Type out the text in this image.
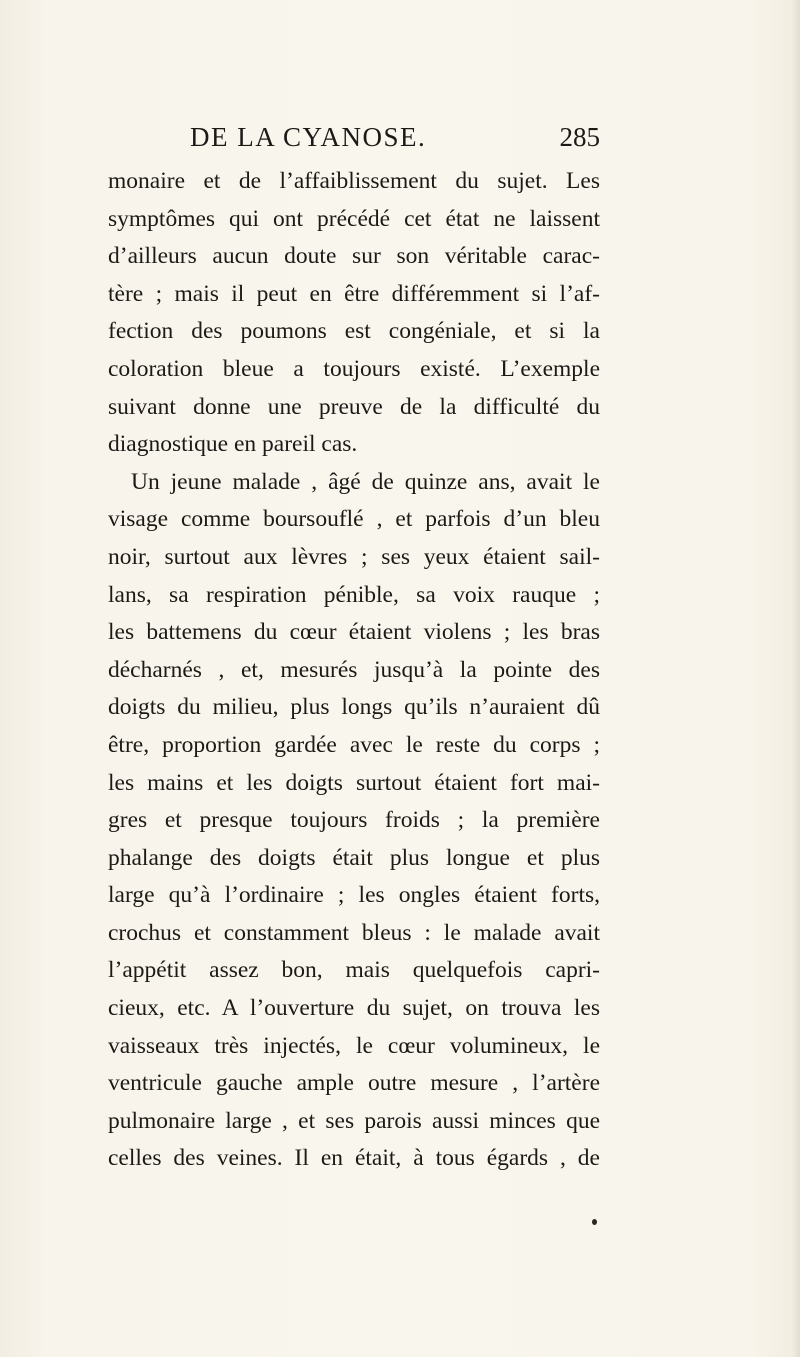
DE LA CYANOSE.	285
monaire et de l’affaiblissement du sujet. Les
symptômes qui ont précédé cet état ne laissent
d’ailleurs aucun doute sur son véritable carac-
tère ; mais il peut en être différemment si l’af-
fection des poumons est congéniale, et si la
coloration bleue a toujours existé. L’exemple
suivant donne une preuve de la difficulté du
diagnostique en pareil cas.
Un jeune malade , âgé de quinze ans, avait le
visage comme boursouflé , et parfois d’un bleu
noir, surtout aux lèvres ; ses yeux étaient sail-
lans, sa respiration pénible, sa voix rauque ;
les battemens du cœur étaient violens ; les bras
décharnés , et, mesurés jusqu’à la pointe des
doigts du milieu, plus longs qu’ils n’auraient dû
être, proportion gardée avec le reste du corps ;
les mains et les doigts surtout étaient fort mai-
gres et presque toujours froids ; la première
phalange des doigts était plus longue et plus
large qu’à l’ordinaire ; les ongles étaient forts,
crochus et constamment bleus : le malade avait
l’appétit assez bon, mais quelquefois capri-
cieux, etc. A l’ouverture du sujet, on trouva les
vaisseaux très injectés, le cœur volumineux, le
ventricule gauche ample outre mesure , l’artère
pulmonaire large , et ses parois aussi minces que
celles des veines. Il en était, à tous égards , de
